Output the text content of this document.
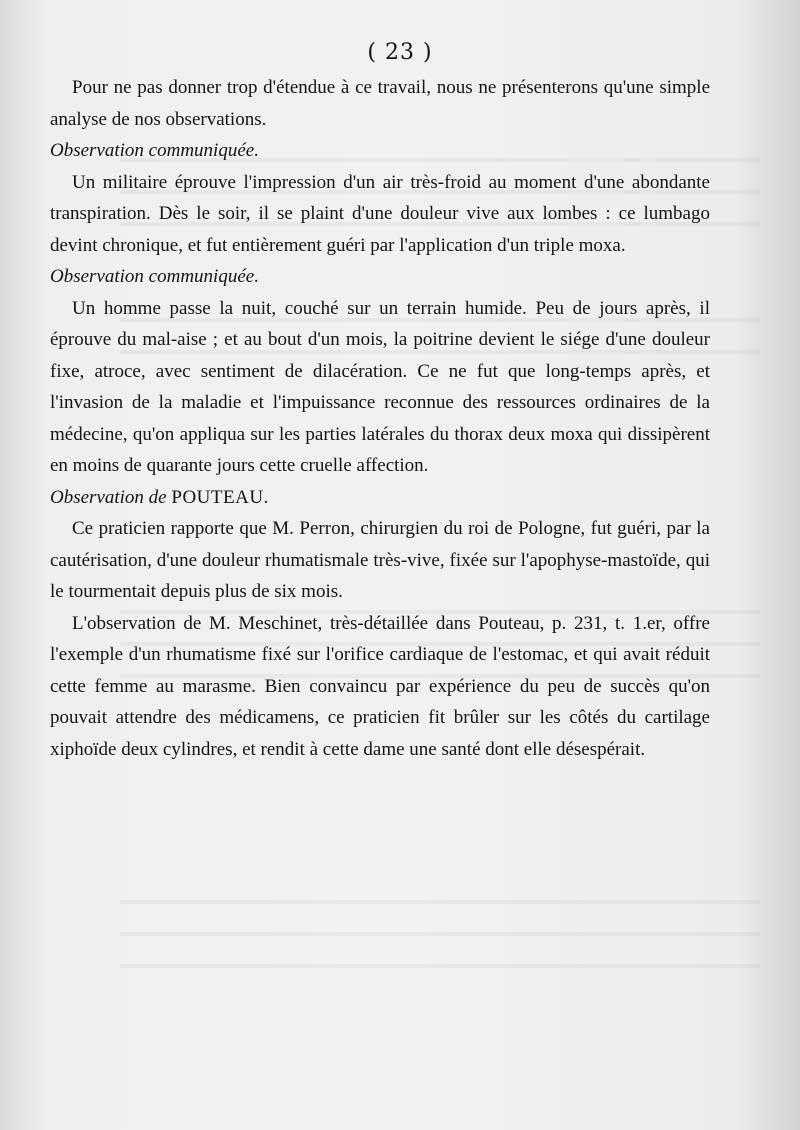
( 23 )

Pour ne pas donner trop d'étendue à ce travail, nous ne présenterons qu'une simple analyse de nos observations.

Observation communiquée.

Un militaire éprouve l'impression d'un air très-froid au moment d'une abondante transpiration. Dès le soir, il se plaint d'une douleur vive aux lombes : ce lumbago devint chronique, et fut entièrement guéri par l'application d'un triple moxa.

Observation communiquée.

Un homme passe la nuit, couché sur un terrain humide. Peu de jours après, il éprouve du mal-aise ; et au bout d'un mois, la poitrine devient le siége d'une douleur fixe, atroce, avec sentiment de dilacération. Ce ne fut que long-temps après, et l'invasion de la maladie et l'impuissance reconnue des ressources ordinaires de la médecine, qu'on appliqua sur les parties latérales du thorax deux moxa qui dissipèrent en moins de quarante jours cette cruelle affection.

Observation de POUTEAU.

Ce praticien rapporte que M. Perron, chirurgien du roi de Pologne, fut guéri, par la cautérisation, d'une douleur rhumatismale très-vive, fixée sur l'apophyse-mastoïde, qui le tourmentait depuis plus de six mois.

L'observation de M. Meschinet, très-détaillée dans Pouteau, p. 231, t. 1.er, offre l'exemple d'un rhumatisme fixé sur l'orifice cardiaque de l'estomac, et qui avait réduit cette femme au marasme. Bien convaincu par expérience du peu de succès qu'on pouvait attendre des médicamens, ce praticien fit brûler sur les côtés du cartilage xiphoïde deux cylindres, et rendit à cette dame une santé dont elle désespérait.
